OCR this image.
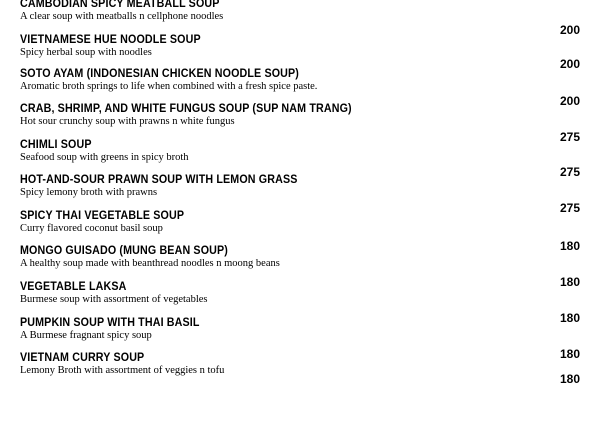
CAMBODIAN SPICY MEATBALL SOUP
A clear soup with meatballs n cellphone noodles
200
VIETNAMESE HUE NOODLE SOUP
Spicy herbal soup with noodles
200
SOTO AYAM (INDONESIAN CHICKEN NOODLE SOUP)
Aromatic broth springs to life when combined with a fresh spice paste.
200
CRAB, SHRIMP, AND WHITE FUNGUS SOUP (SUP NAM TRANG)
Hot sour crunchy soup with prawns n white fungus
275
CHIMLI SOUP
Seafood soup with greens in spicy broth
275
HOT-AND-SOUR PRAWN SOUP WITH LEMON GRASS
Spicy lemony broth with prawns
275
SPICY THAI VEGETABLE SOUP
Curry flavored coconut basil soup
180
MONGO GUISADO (MUNG BEAN SOUP)
A healthy soup made with beanthread noodles n moong beans
180
VEGETABLE LAKSA
Burmese soup with assortment of vegetables
180
PUMPKIN SOUP WITH THAI BASIL
A Burmese fragnant spicy soup
180
VIETNAM CURRY SOUP
Lemony Broth with assortment of veggies n tofu
180
